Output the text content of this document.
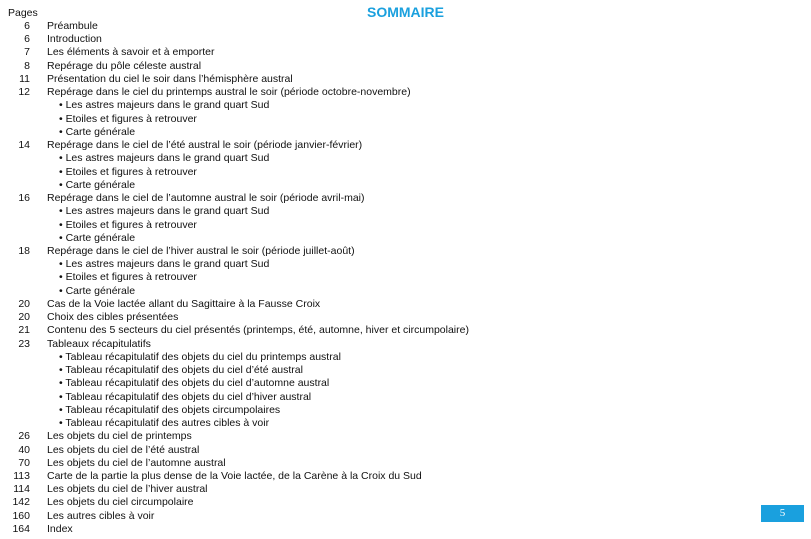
SOMMAIRE
Pages
6 Préambule
6 Introduction
7 Les éléments à savoir et à emporter
8 Repérage du pôle céleste austral
11 Présentation du ciel le soir dans l’hémisphère austral
12 Repérage dans le ciel du printemps austral le soir (période octobre-novembre)
• Les astres majeurs dans le grand quart Sud
• Etoiles et figures à retrouver
• Carte générale
14 Repérage dans le ciel de l’été austral le soir (période janvier-février)
• Les astres majeurs dans le grand quart Sud
• Etoiles et figures à retrouver
• Carte générale
16 Repérage dans le ciel de l’automne austral le soir (période avril-mai)
• Les astres majeurs dans le grand quart Sud
• Etoiles et figures à retrouver
• Carte générale
18 Repérage dans le ciel de l’hiver austral le soir (période juillet-août)
• Les astres majeurs dans le grand quart Sud
• Etoiles et figures à retrouver
• Carte générale
20 Cas de la Voie lactée allant du Sagittaire à la Fausse Croix
20 Choix des cibles présentées
21 Contenu des 5 secteurs du ciel présentés (printemps, été, automne, hiver et circumpolaire)
23 Tableaux récapitulatifs
• Tableau récapitulatif des objets du ciel du printemps austral
• Tableau récapitulatif des objets du ciel d’été austral
• Tableau récapitulatif des objets du ciel d’automne austral
• Tableau récapitulatif des objets du ciel d’hiver austral
• Tableau récapitulatif des objets circumpolaires
• Tableau récapitulatif des autres cibles à voir
26 Les objets du ciel de printemps
40 Les objets du ciel de l’été austral
70 Les objets du ciel de l’automne austral
113 Carte de la partie la plus dense de la Voie lactée, de la Carène à la Croix du Sud
114 Les objets du ciel de l’hiver austral
142 Les objets du ciel circumpolaire
160 Les autres cibles à voir
164 Index
5
